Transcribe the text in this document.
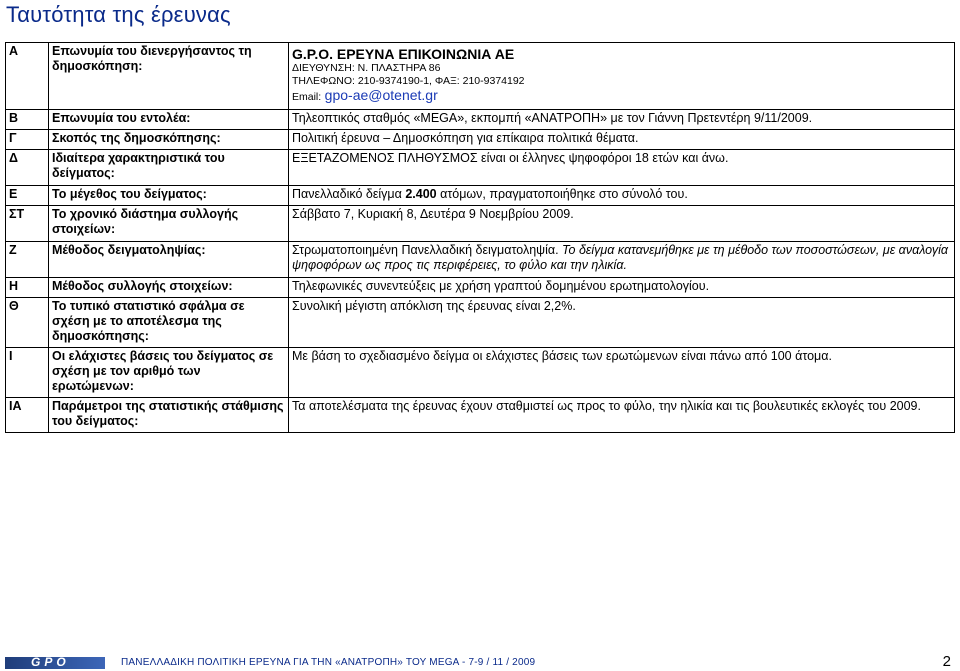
Ταυτότητα της έρευνας
Α	Επωνυμία του διενεργήσαντος τη δημοσκόπηση:	G.P.O. ΕΡΕΥΝΑ ΕΠΙΚΟΙΝΩΝΙΑ ΑΕ
ΔΙΕΥΘΥΝΣΗ: Ν. ΠΛΑΣΤΗΡΑ 86
ΤΗΛΕΦΩΝΟ: 210-9374190-1, ΦΑΞ: 210-9374192
Email: gpo-ae@otenet.gr

Β	Επωνυμία του εντολέα:	Τηλεοπτικός σταθμός «MEGA», εκπομπή «ΑΝΑΤΡΟΠΗ» με τον Γιάννη Πρετεντέρη 9/11/2009.
Γ	Σκοπός της δημοσκόπησης:	Πολιτική έρευνα – Δημοσκόπηση για επίκαιρα πολιτικά θέματα.
Δ	Ιδιαίτερα χαρακτηριστικά του δείγματος:	ΕΞΕΤΑΖΟΜΕΝΟΣ ΠΛΗΘΥΣΜΟΣ είναι οι έλληνες ψηφοφόροι 18 ετών και άνω.
Ε	Το μέγεθος του δείγματος:	Πανελλαδικό δείγμα 2.400 ατόμων, πραγματοποιήθηκε στο σύνολό του.
ΣΤ	Το χρονικό διάστημα συλλογής στοιχείων:	Σάββατο 7, Κυριακή 8, Δευτέρα 9 Νοεμβρίου 2009.
Ζ	Μέθοδος δειγματοληψίας:	Στρωματοποιημένη Πανελλαδική δειγματοληψία. Το δείγμα κατανεμήθηκε με τη μέθοδο των ποσοστώσεων, με αναλογία ψηφοφόρων ως προς τις περιφέρειες, το φύλο και την ηλικία.
Η	Μέθοδος συλλογής στοιχείων:	Τηλεφωνικές συνεντεύξεις με χρήση γραπτού δομημένου ερωτηματολογίου.
Θ	Το τυπικό στατιστικό σφάλμα σε σχέση με το αποτέλεσμα της δημοσκόπησης:	Συνολική μέγιστη απόκλιση της έρευνας είναι 2,2%.
Ι	Οι ελάχιστες βάσεις του δείγματος σε σχέση με τον αριθμό των ερωτώμενων:	Με βάση το σχεδιασμένο δείγμα οι ελάχιστες βάσεις των ερωτώμενων είναι πάνω από 100 άτομα.
ΙΑ	Παράμετροι της στατιστικής στάθμισης του δείγματος:	Τα αποτελέσματα της έρευνας έχουν σταθμιστεί ως προς το φύλο, την ηλικία και τις βουλευτικές εκλογές του 2009.
GPO	ΠΑΝΕΛΛΑΔΙΚΗ ΠΟΛΙΤΙΚΗ ΕΡΕΥΝΑ ΓΙΑ ΤΗΝ «ΑΝΑΤΡΟΠΗ» ΤΟΥ MEGA - 7-9 / 11 / 2009	2
